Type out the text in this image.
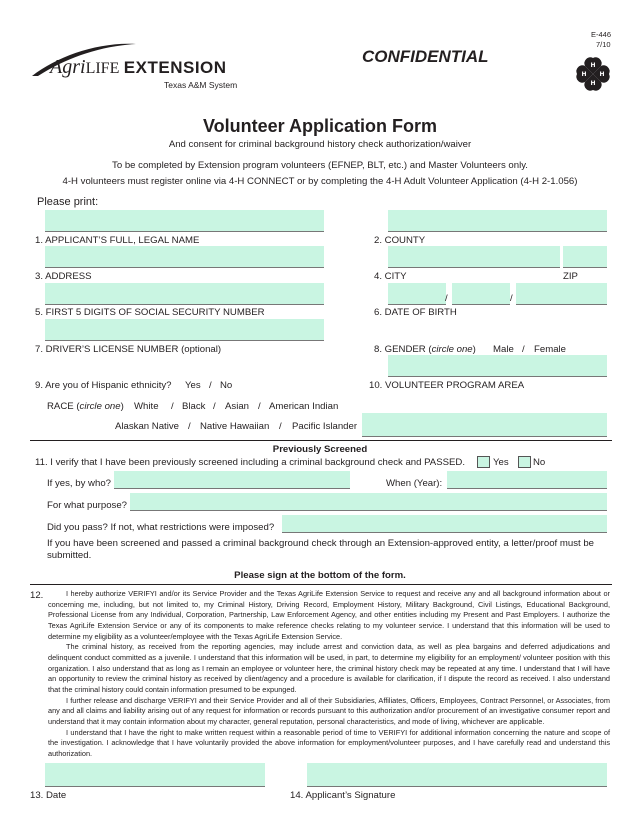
AgriLIFE EXTENSION
Texas A&M System
CONFIDENTIAL
E-446
7/10
H
H
H
H
Volunteer Application Form
And consent for criminal background history check authorization/waiver
To be completed by Extension program volunteers (EFNEP, BLT, etc.) and Master Volunteers only.
4-H volunteers must register online via 4-H CONNECT or by completing the 4-H Adult Volunteer Application (4-H 2-1.056)
Please print:
1. APPLICANT’S FULL, LEGAL NAME	2. COUNTY
3. ADDRESS	4. CITY	ZIP
5. FIRST 5 DIGITS OF SOCIAL SECURITY NUMBER
/	/
6. DATE OF BIRTH
7. DRIVER’S LICENSE NUMBER (optional)	8. GENDER (circle one) Male / Female
9. Are you of Hispanic ethnicity? Yes / No	10. VOLUNTEER PROGRAM AREA
RACE (circle one) White / Black / Asian / American Indian
Alaskan Native / Native Hawaiian / Pacific Islander
Previously Screened
11. I verify that I have been previously screened including a criminal background check and PASSED.	Yes	No
If yes, by who?	When (Year):
For what purpose?
Did you pass? If not, what restrictions were imposed?
If you have been screened and passed a criminal background check through an Extension-approved entity, a letter/proof must be submitted.
Please sign at the bottom of the form.
12.	I hereby authorize VERIFYI and/or its Service Provider and the Texas AgriLife Extension Service to request and receive any and all background information about or concerning me, including, but not limited to, my Criminal History, Driving Record, Employment History, Military Background, Civil Listings, Educational Background, Professional License from any Individual, Corporation, Partnership, Law Enforcement Agency, and other entities including my Present and Past Employers. I authorize the Texas AgriLife Extension Service or any of its components to make reference checks relating to my volunteer service. I understand that this information will be used to determine my eligibility as a volunteer/employee with the Texas AgriLife Extension Service.

The criminal history, as received from the reporting agencies, may include arrest and conviction data, as well as plea bargains and deferred adjudications and delinquent conduct committed as a juvenile. I understand that this information will be used, in part, to determine my eligibility for an employment/ volunteer position with this organization. I also understand that as long as I remain an employee or volunteer here, the criminal history check may be repeated at any time. I understand that I will have an opportunity to review the criminal history as received by client/agency and a procedure is available for clarification, if I dispute the record as received. I also understand that the criminal history could contain information presumed to be expunged.

I further release and discharge VERIFYI and their Service Provider and all of their Subsidiaries, Affiliates, Officers, Employees, Contract Personnel, or Associates, from any and all claims and liability arising out of any request for information or records pursuant to this authorization and/or procurement of an investigative consumer report and understand that it may contain information about my character, general reputation, personal characteristics, and mode of living, whichever are applicable.

I understand that I have the right to make written request within a reasonable period of time to VERIFYI for additional information concerning the nature and scope of the investigation. I acknowledge that I have voluntarily provided the above information for employment/volunteer purposes, and I have carefully read and understand this authorization.

13. Date	14. Applicant’s Signature
